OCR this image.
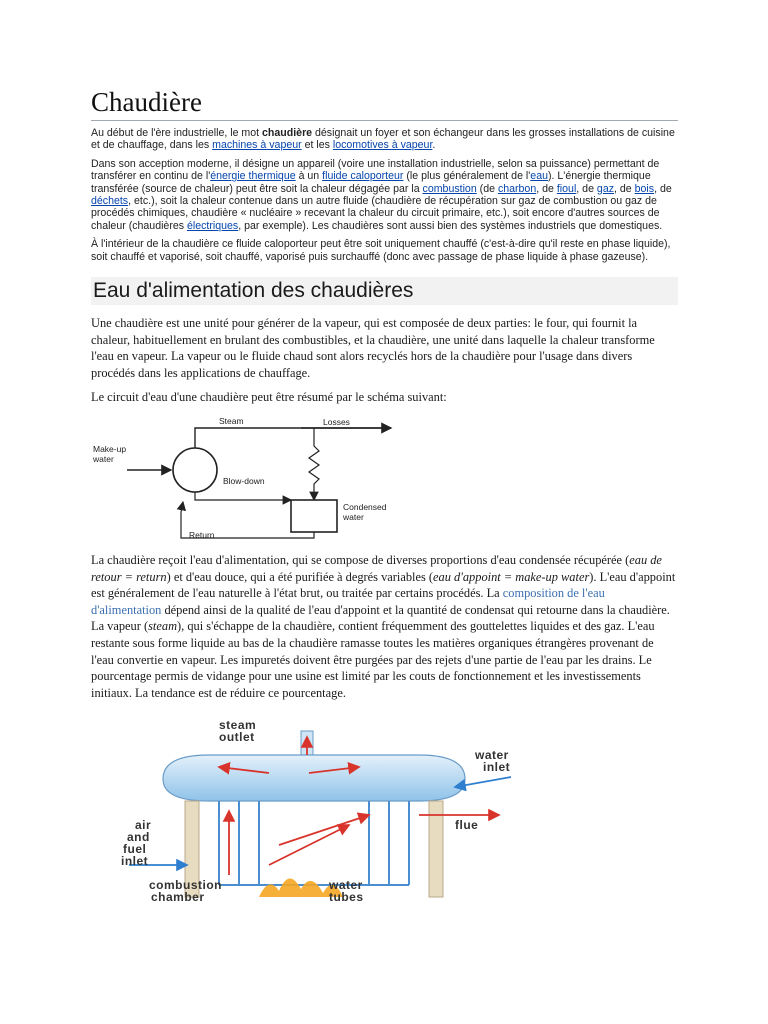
Chaudière

Au début de l'ère industrielle, le mot chaudière désignait un foyer et son échangeur dans les grosses installations de cuisine et de chauffage, dans les machines à vapeur et les locomotives à vapeur.

Dans son acception moderne, il désigne un appareil (voire une installation industrielle, selon sa puissance) permettant de transférer en continu de l'énergie thermique à un fluide caloporteur (le plus généralement de l'eau). L'énergie thermique transférée (source de chaleur) peut être soit la chaleur dégagée par la combustion (de charbon, de fioul, de gaz, de bois, de déchets, etc.), soit la chaleur contenue dans un autre fluide (chaudière de récupération sur gaz de combustion ou gaz de procédés chimiques, chaudière « nucléaire » recevant la chaleur du circuit primaire, etc.), soit encore d'autres sources de chaleur (chaudières électriques, par exemple). Les chaudières sont aussi bien des systèmes industriels que domestiques.

À l'intérieur de la chaudière ce fluide caloporteur peut être soit uniquement chauffé (c'est-à-dire qu'il reste en phase liquide), soit chauffé et vaporisé, soit chauffé, vaporisé puis surchauffé (donc avec passage de phase liquide à phase gazeuse).

Eau d'alimentation des chaudières

Une chaudière est une unité pour générer de la vapeur, qui est composée de deux parties: le four, qui fournit la chaleur, habituellement en brulant des combustibles, et la chaudière, une unité dans laquelle la chaleur transforme l'eau en vapeur. La vapeur ou le fluide chaud sont alors recyclés hors de la chaudière pour l'usage dans divers procédés dans les applications de chauffage.

Le circuit d'eau d'une chaudière peut être résumé par le schéma suivant:

Steam	Losses
Make-up
water
Blow-down
Condensed
water
Return

La chaudière reçoit l'eau d'alimentation, qui se compose de diverses proportions d'eau condensée récupérée (eau de retour = return) et d'eau douce, qui a été purifiée à degrés variables (eau d'appoint = make-up water). L'eau d'appoint est généralement de l'eau naturelle à l'état brut, ou traitée par certains procédés. La composition de l'eau d'alimentation dépend ainsi de la qualité de l'eau d'appoint et la quantité de condensat qui retourne dans la chaudière. La vapeur (steam), qui s'échappe de la chaudière, contient fréquemment des gouttelettes liquides et des gaz. L'eau restante sous forme liquide au bas de la chaudière ramasse toutes les matières organiques étrangères provenant de l'eau convertie en vapeur. Les impuretés doivent être purgées par des rejets d'une partie de l'eau par les drains. Le pourcentage permis de vidange pour une usine est limité par les couts de fonctionnement et les investissements initiaux. La tendance est de réduire ce pourcentage.

steam
outlet
water
inlet
air
and
fuel
inlet
flue
combustion
chamber
water
tubes
